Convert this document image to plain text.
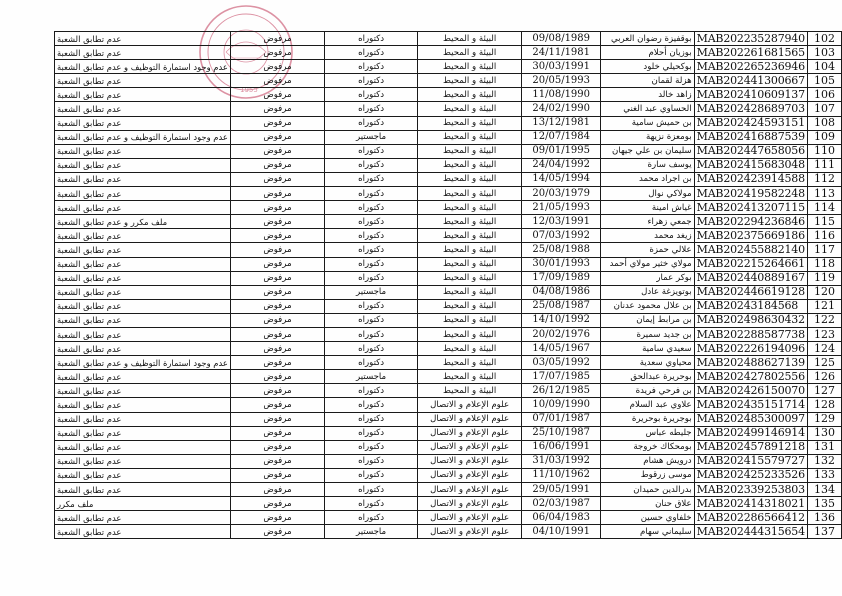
1955
عدم تطابق الشعبة	مرفوض	دكتوراه	البيئة و المحيط	09/08/1989	بوقفيزة رضوان العربي	MAB202235287940	102
عدم تطابق الشعبة	مرفوض	دكتوراه	البيئة و المحيط	24/11/1981	بوزيان أحلام	MAB202261681565	103
عدم وجود استمارة التوظيف و عدم تطابق الشعبة	مرفوض	دكتوراه	البيئة و المحيط	30/03/1991	بوكحيلي خلود	MAB202265236946	104
عدم تطابق الشعبة	مرفوض	دكتوراه	البيئة و المحيط	20/05/1993	هزلة لقمان	MAB202441300667	105
عدم تطابق الشعبة	مرفوض	دكتوراه	البيئة و المحيط	11/08/1990	زاهد خالد	MAB202410609137	106
عدم تطابق الشعبة	مرفوض	دكتوراه	البيئة و المحيط	24/02/1990	الحساوي عبد الغني	MAB202428689703	107
عدم تطابق الشعبة	مرفوض	دكتوراه	البيئة و المحيط	13/12/1981	بن حميش سامية	MAB202424593151	108
عدم وجود استمارة التوظيف و عدم تطابق الشعبة	مرفوض	ماجستير	البيئة و المحيط	12/07/1984	بومعزة نزيهة	MAB202416887539	109
عدم تطابق الشعبة	مرفوض	دكتوراه	البيئة و المحيط	09/01/1995	سليمان بن علي جيهان	MAB202447658056	110
عدم تطابق الشعبة	مرفوض	دكتوراه	البيئة و المحيط	24/04/1992	يوسف سارة	MAB202415683048	111
عدم تطابق الشعبة	مرفوض	دكتوراه	البيئة و المحيط	14/05/1994	بن اجراد محمد	MAB202423914588	112
عدم تطابق الشعبة	مرفوض	دكتوراه	البيئة و المحيط	20/03/1979	مولاكي نوال	MAB202419582248	113
عدم تطابق الشعبة	مرفوض	دكتوراه	البيئة و المحيط	21/05/1993	غياش امينة	MAB202413207115	114
ملف مكرر و عدم تطابق الشعبة	مرفوض	دكتوراه	البيئة و المحيط	12/03/1991	جمعي زهراء	MAB202294236846	115
عدم تطابق الشعبة	مرفوض	دكتوراه	البيئة و المحيط	07/03/1992	زيغد محمد	MAB202375669186	116
عدم تطابق الشعبة	مرفوض	دكتوراه	البيئة و المحيط	25/08/1988	علالي حمزة	MAB202455882140	117
عدم تطابق الشعبة	مرفوض	دكتوراه	البيئة و المحيط	30/01/1993	مولاي خثير مولاي أحمد	MAB202215264661	118
عدم تطابق الشعبة	مرفوض	دكتوراه	البيئة و المحيط	17/09/1989	بوكر عمار	MAB202440889167	119
عدم تطابق الشعبة	مرفوض	ماجستير	البيئة و المحيط	04/08/1986	بوتويزغة عادل	MAB202446619128	120
عدم تطابق الشعبة	مرفوض	دكتوراه	البيئة و المحيط	25/08/1987	بن علال محمود عدنان	MAB20243184568	121
عدم تطابق الشعبة	مرفوض	دكتوراه	البيئة و المحيط	14/10/1992	بن مرابط إيمان	MAB202498630432	122
عدم تطابق الشعبة	مرفوض	دكتوراه	البيئة و المحيط	20/02/1976	بن جديد سميرة	MAB202288587738	123
عدم تطابق الشعبة	مرفوض	دكتوراه	البيئة و المحيط	14/05/1967	سعيدي سامية	MAB202226194096	124
عدم وجود استمارة التوظيف و عدم تطابق الشعبة	مرفوض	دكتوراه	البيئة و المحيط	03/05/1992	محياوي سعدية	MAB202488627139	125
عدم تطابق الشعبة	مرفوض	ماجستير	البيئة و المحيط	17/07/1985	بوحريرة عبدالحق	MAB202427802556	126
عدم تطابق الشعبة	مرفوض	دكتوراه	البيئة و المحيط	26/12/1985	بن فرحي فريدة	MAB202426150070	127
عدم تطابق الشعبة	مرفوض	دكتوراه	علوم الإعلام و الاتصال	10/09/1990	علاوي عبد السلام	MAB202435151714	128
عدم تطابق الشعبة	مرفوض	دكتوراه	علوم الإعلام و الاتصال	07/01/1987	بوجريرة بوحريرة	MAB202485300097	129
عدم تطابق الشعبة	مرفوض	دكتوراه	علوم الإعلام و الاتصال	25/10/1987	جليطه عباس	MAB202499146914	130
عدم تطابق الشعبة	مرفوض	دكتوراه	علوم الإعلام و الاتصال	16/06/1991	بومحكاك خروجة	MAB202457891218	131
عدم تطابق الشعبة	مرفوض	دكتوراه	علوم الإعلام و الاتصال	31/03/1992	درويش هشام	MAB202415579727	132
عدم تطابق الشعبة	مرفوض	دكتوراه	علوم الإعلام و الاتصال	11/10/1962	موسى زرقوط	MAB202425233526	133
عدم تطابق الشعبة	مرفوض	دكتوراه	علوم الإعلام و الاتصال	29/05/1991	بدرالدين حميدان	MAB202339253803	134
ملف مكرر	مرفوض	دكتوراه	علوم الإعلام و الاتصال	02/03/1987	علاق حنان	MAB202414318021	135
عدم تطابق الشعبة	مرفوض	دكتوراه	علوم الإعلام و الاتصال	06/04/1983	خلفاوي حسين	MAB202286566412	136
عدم تطابق الشعبة	مرفوض	ماجستير	علوم الإعلام و الاتصال	04/10/1991	سليماني سهام	MAB202444315654	137
